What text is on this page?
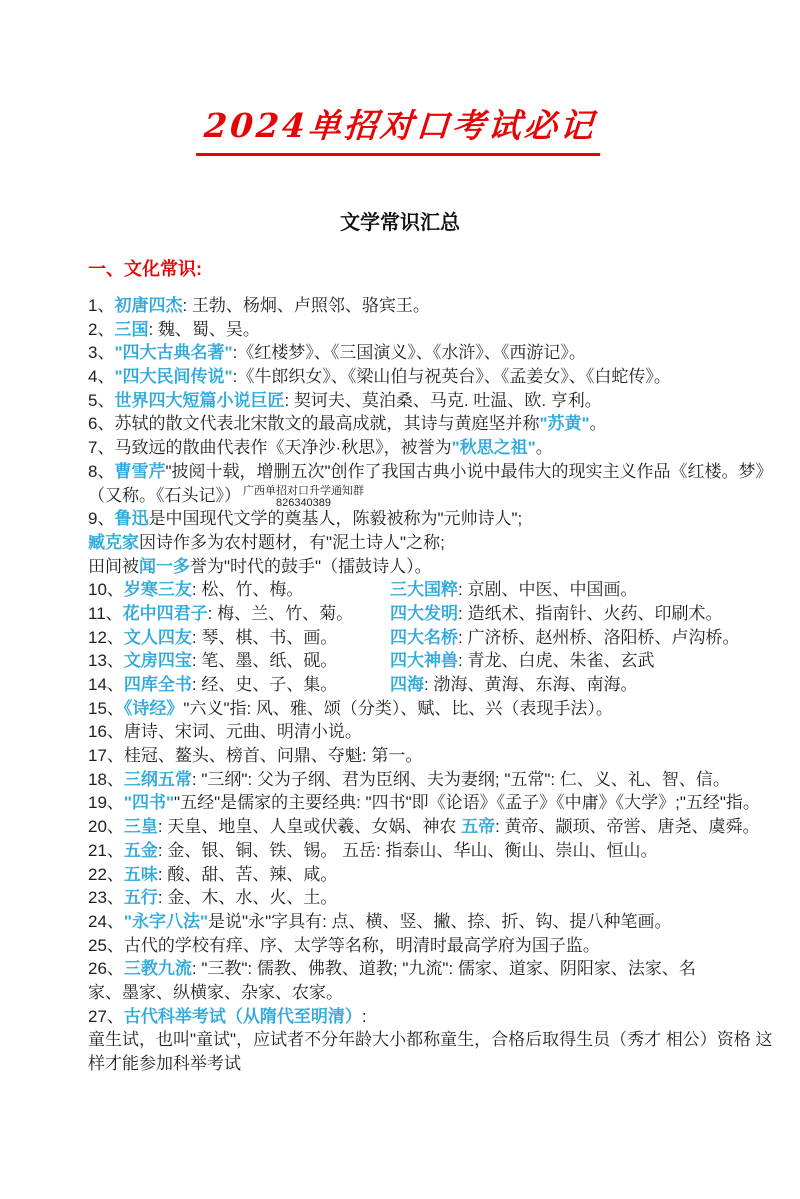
2024单招对口考试必记
文学常识汇总
一、文化常识:
1、初唐四杰: 王勃、杨炯、卢照邻、骆宾王。
2、三国: 魏、蜀、吴。
3、"四大古典名著":《红楼梦》、《三国演义》、《水浒》、《西游记》。
4、"四大民间传说":《牛郎织女》、《梁山伯与祝英台》、《孟姜女》、《白蛇传》。
5、世界四大短篇小说巨匠: 契诃夫、莫泊桑、马克. 吐温、欧. 亨利。
6、苏轼的散文代表北宋散文的最高成就，其诗与黄庭坚并称"苏黄"。
7、马致远的散曲代表作《天净沙·秋思》，被誉为"秋思之祖"。
8、曹雪芹"披阅十载，增删五次"创作了我国古典小说中最伟大的现实主义作品《红楼。梦》
（又称。《石头记》） 广西单招对口升学通知群
826340389
9、鲁迅是中国现代文学的奠基人，陈毅被称为"元帅诗人";
臧克家因诗作多为农村题材，有"泥土诗人"之称;
田间被闻一多誉为"时代的鼓手"（擂鼓诗人）。
10、岁寒三友: 松、竹、梅。	三大国粹: 京剧、中医、中国画。
11、花中四君子: 梅、兰、竹、菊。 四大发明: 造纸术、指南针、火药、印刷术。
12、文人四友: 琴、棋、书、画。	四大名桥: 广济桥、赵州桥、洛阳桥、卢沟桥。
13、文房四宝: 笔、墨、纸、砚。	四大神兽: 青龙、白虎、朱雀、玄武
14、四库全书: 经、史、子、集。	四海: 渤海、黄海、东海、南海。
15、《诗经》"六义"指: 风、雅、颂（分类）、赋、比、兴（表现手法）。
16、唐诗、宋词、元曲、明清小说。
17、桂冠、鳌头、榜首、问鼎、夺魁: 第一。
18、三纲五常: "三纲": 父为子纲、君为臣纲、夫为妻纲; "五常": 仁、义、礼、智、信。
19、"四书""五经"是儒家的主要经典: "四书"即《论语》《孟子》《中庸》《大学》;"五经"指。
20、三皇: 天皇、地皇、人皇或伏羲、女娲、神农 五帝: 黄帝、颛顼、帝喾、唐尧、虞舜。
21、五金: 金、银、铜、铁、锡。 五岳: 指泰山、华山、衡山、崇山、恒山。
22、五味: 酸、甜、苦、辣、咸。
23、五行: 金、木、水、火、土。
24、"永字八法"是说"永"字具有: 点、横、竖、撇、捺、折、钩、提八种笔画。
25、古代的学校有痒、序、太学等名称，明清时最高学府为国子监。
26、三教九流: "三教": 儒教、佛教、道教; "九流": 儒家、道家、阴阳家、法家、名
家、墨家、纵横家、杂家、农家。
27、古代科举考试（从隋代至明清）:
童生试，也叫"童试"，应试者不分年龄大小都称童生，合格后取得生员（秀才 相公）资格 这
样才能参加科举考试
